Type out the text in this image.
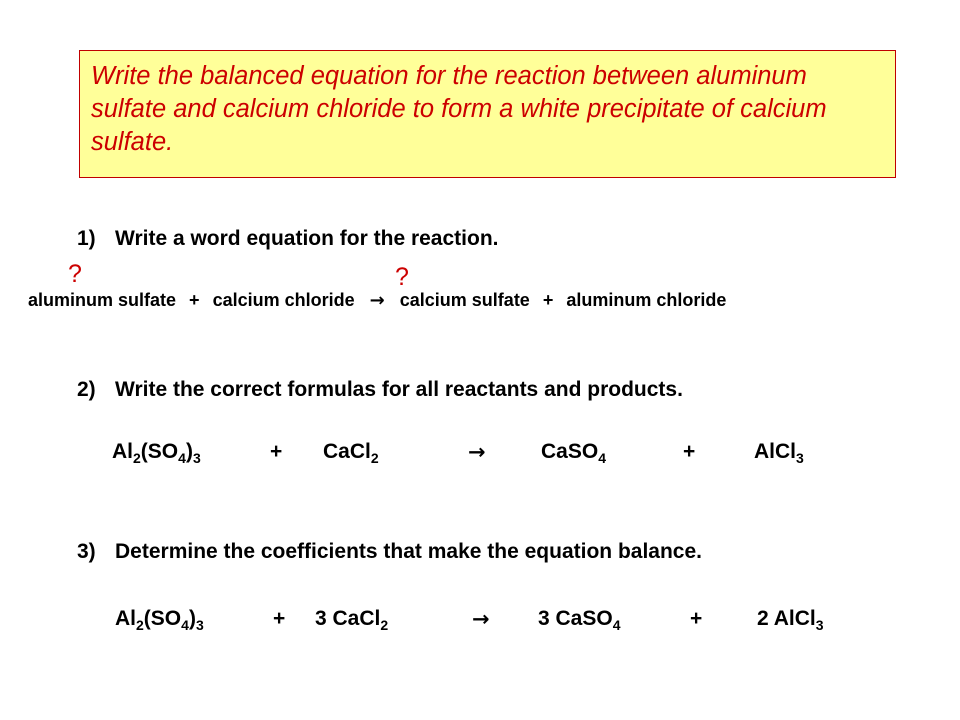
Write the balanced equation for the reaction between aluminum sulfate and calcium chloride to form a white precipitate of calcium sulfate.
1) Write a word equation for the reaction.
?	?
aluminum sulfate + calcium chloride → calcium sulfate + aluminum chloride
2) Write the correct formulas for all reactants and products.
$Al_2(SO_4)_3$	+ CaCl$_2$	→	CaSO$_4$	+	AlCl$_3$
3) Determine the coefficients that make the equation balance.
$Al_2(SO_4)_3$	+ 3 CaCl$_2$	→ 3 CaSO$_4$	+	2 AlCl$_3$
